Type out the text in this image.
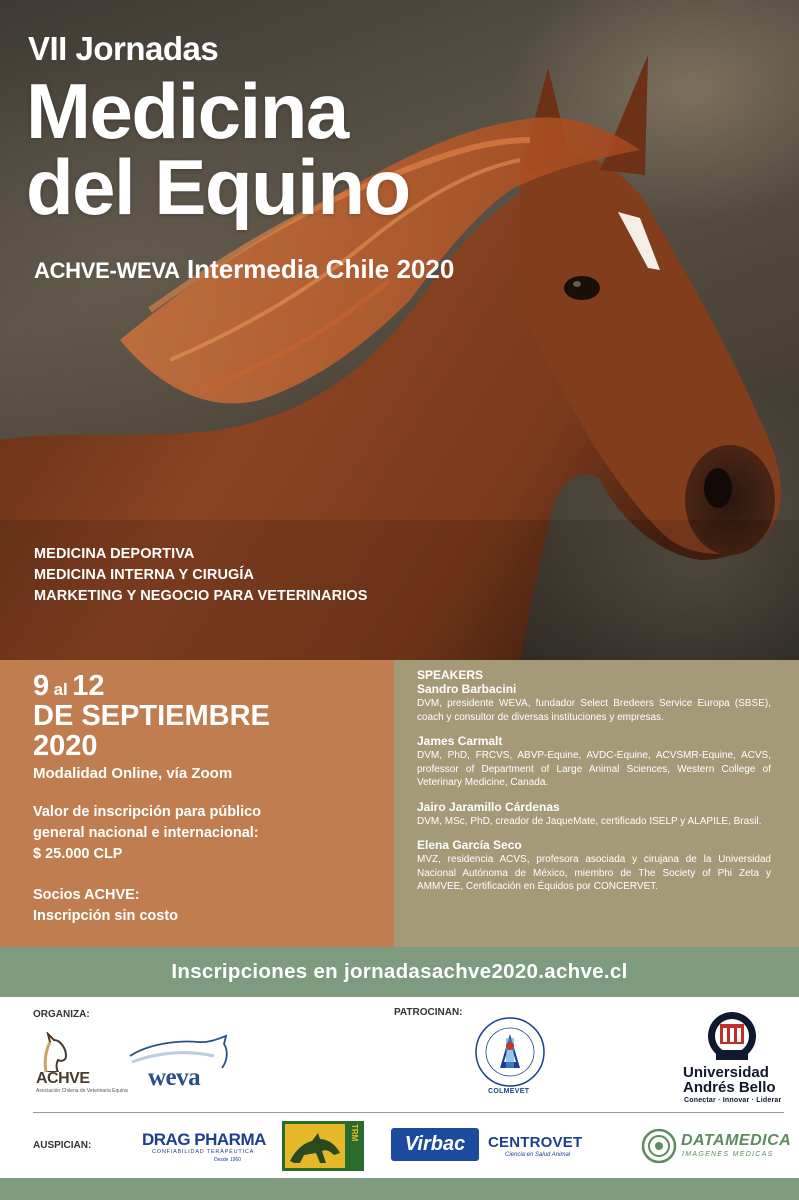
VII Jornadas
Medicina
del Equino
ACHVE-WEVA Intermedia Chile 2020
MEDICINA DEPORTIVA
MEDICINA INTERNA Y CIRUGÍA
MARKETING Y NEGOCIO PARA VETERINARIOS
9 al 12
DE SEPTIEMBRE
2020
Modalidad Online, vía Zoom
Valor de inscripción para público
general nacional e internacional:
$ 25.000 CLP
Socios ACHVE:
Inscripción sin costo
SPEAKERS
Sandro Barbacini
DVM, presidente WEVA, fundador Select Bredeers Service Europa (SBSE), coach y consultor de diversas instituciones y empresas.
James Carmalt
DVM, PhD, FRCVS, ABVP-Equine, AVDC-Equine, ACVSMR-Equine, ACVS, professor of Department of Large Animal Sciences, Western College of Veterinary Medicine, Canada.
Jairo Jaramillo Cárdenas
DVM, MSc, PhD, creador de JaqueMate, certificado ISELP y ALAPILE, Brasil.
Elena García Seco
MVZ, residencia ACVS, profesora asociada y cirujana de la Universidad Nacional Autónoma de México, miembro de The Society of Phi Zeta y AMMVEE, Certificación en Équidos por CONCERVET.
Inscripciones en jornadasachve2020.achve.cl
ORGANIZA:	PATROCINAN:
AUSPICIAN:
ACHVE
Asociación Chilena de Veterinaria Equina weva
COLMEVET
Universidad
Andrés Bello
Conectar · Innovar · Liderar
DRAG PHARMA
CONFIABILIDAD TERAPÉUTICA
Desde 1960
TRM
Virbac	CENTROVET
Ciencia en Salud Animal
DATAMEDICA
IMAGENES MEDICAS
